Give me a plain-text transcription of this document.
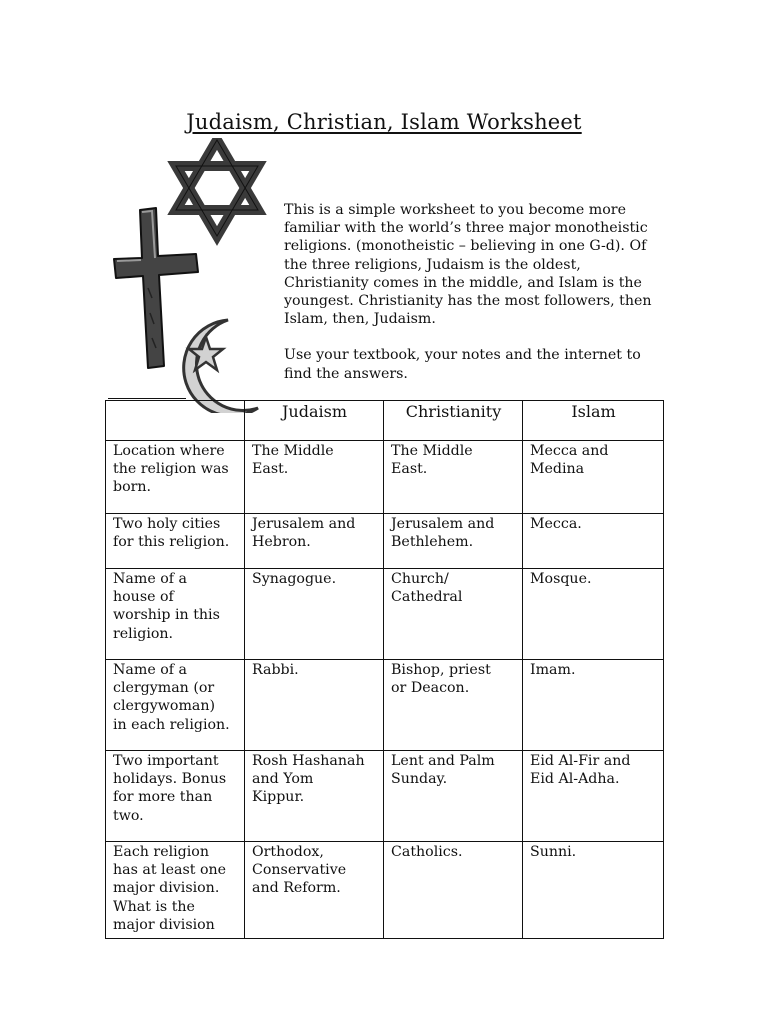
Judaism, Christian, Islam Worksheet

This is a simple worksheet to you become more familiar with the world’s three major monotheistic religions. (monotheistic – believing in one G-d). Of the three religions, Judaism is the oldest, Christianity comes in the middle, and Islam is the youngest. Christianity has the most followers, then Islam, then, Judaism.

Use your textbook, your notes and the internet to find the answers.

	Judaism	Christianity	Islam

Location where
the religion was
born.	The Middle
East.	The Middle
East.	Mecca and
Medina

Two holy cities
for this religion.	Jerusalem and
Hebron.	Jerusalem and
Bethlehem.	Mecca.

Name of a
house of
worship in this
religion.	Synagogue.	Church/
Cathedral	Mosque.

Name of a
clergyman (or
clergywoman)
in each religion.	Rabbi.	Bishop, priest
or Deacon.	Imam.

Two important
holidays. Bonus
for more than
two.	Rosh Hashanah
and Yom
Kippur.	Lent and Palm
Sunday.	Eid Al-Fir and
Eid Al-Adha.

Each religion
has at least one
major division.
What is the
major division	Orthodox,
Conservative
and Reform.	Catholics.	Sunni.
